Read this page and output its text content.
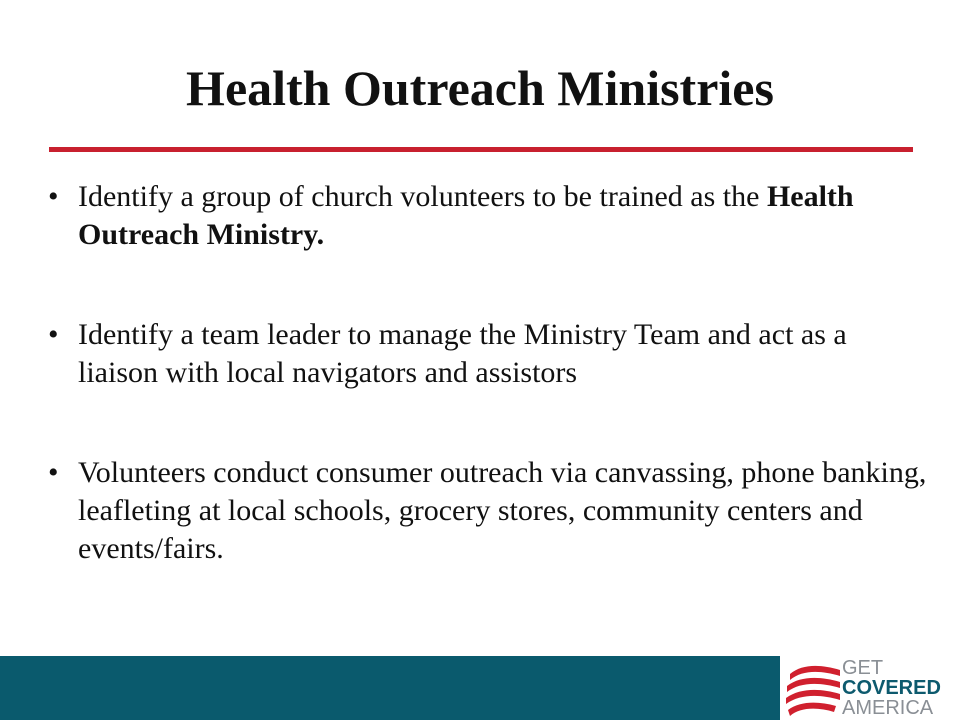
Health Outreach Ministries
• Identify a group of church volunteers to be trained as the Health Outreach Ministry.
• Identify a team leader to manage the Ministry Team and act as a liaison with local navigators and assistors
• Volunteers conduct consumer outreach via canvassing, phone banking, leafleting at local schools, grocery stores, community centers and events/fairs.
GET
COVERED
AMERICA
